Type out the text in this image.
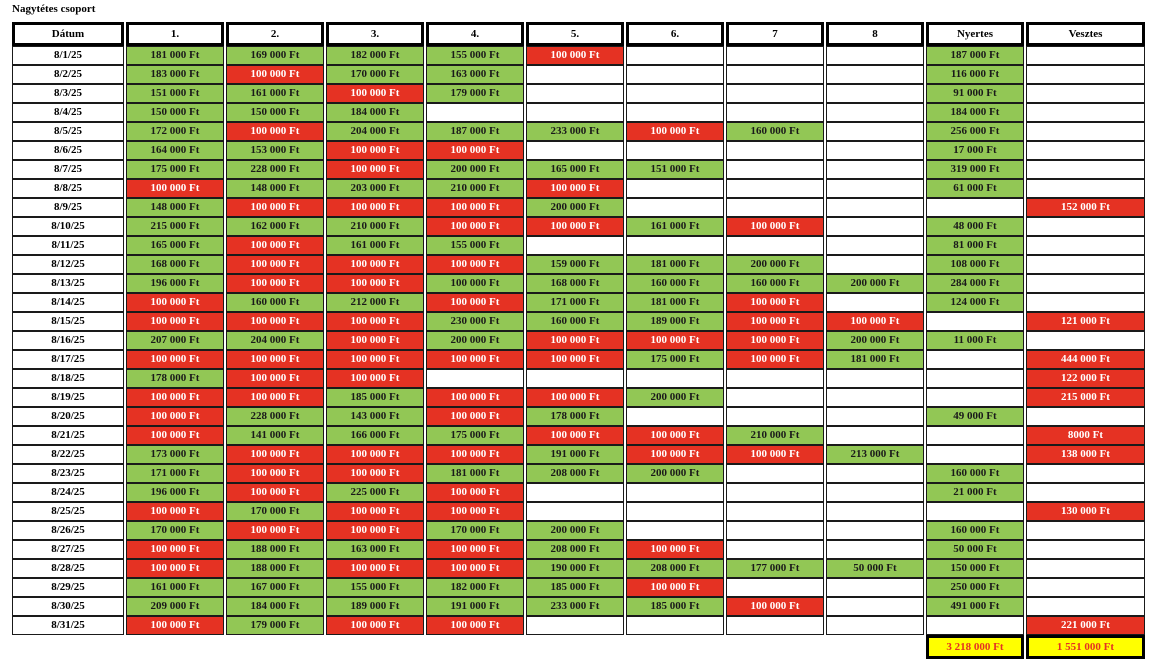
Nagytétes csoport
Dátum	1.	2.	3.	4.	5.	6.	7	8	Nyertes	Vesztes

8/1/25	181 000 Ft	169 000 Ft	182 000 Ft	155 000 Ft	100 000 Ft				187 000 Ft	

8/2/25	183 000 Ft	100 000 Ft	170 000 Ft	163 000 Ft					116 000 Ft	

8/3/25	151 000 Ft	161 000 Ft	100 000 Ft	179 000 Ft					91 000 Ft	

8/4/25	150 000 Ft	150 000 Ft	184 000 Ft						184 000 Ft	

8/5/25	172 000 Ft	100 000 Ft	204 000 Ft	187 000 Ft	233 000 Ft	100 000 Ft	160 000 Ft		256 000 Ft	

8/6/25	164 000 Ft	153 000 Ft	100 000 Ft	100 000 Ft					17 000 Ft	

8/7/25	175 000 Ft	228 000 Ft	100 000 Ft	200 000 Ft	165 000 Ft	151 000 Ft			319 000 Ft	

8/8/25	100 000 Ft	148 000 Ft	203 000 Ft	210 000 Ft	100 000 Ft				61 000 Ft	

8/9/25	148 000 Ft	100 000 Ft	100 000 Ft	100 000 Ft	200 000 Ft					152 000 Ft

8/10/25	215 000 Ft	162 000 Ft	210 000 Ft	100 000 Ft	100 000 Ft	161 000 Ft	100 000 Ft		48 000 Ft	

8/11/25	165 000 Ft	100 000 Ft	161 000 Ft	155 000 Ft					81 000 Ft	

8/12/25	168 000 Ft	100 000 Ft	100 000 Ft	100 000 Ft	159 000 Ft	181 000 Ft	200 000 Ft		108 000 Ft	

8/13/25	196 000 Ft	100 000 Ft	100 000 Ft	100 000 Ft	168 000 Ft	160 000 Ft	160 000 Ft	200 000 Ft	284 000 Ft	

8/14/25	100 000 Ft	160 000 Ft	212 000 Ft	100 000 Ft	171 000 Ft	181 000 Ft	100 000 Ft		124 000 Ft	

8/15/25	100 000 Ft	100 000 Ft	100 000 Ft	230 000 Ft	160 000 Ft	189 000 Ft	100 000 Ft	100 000 Ft		121 000 Ft

8/16/25	207 000 Ft	204 000 Ft	100 000 Ft	200 000 Ft	100 000 Ft	100 000 Ft	100 000 Ft	200 000 Ft	11 000 Ft	

8/17/25	100 000 Ft	100 000 Ft	100 000 Ft	100 000 Ft	100 000 Ft	175 000 Ft	100 000 Ft	181 000 Ft		444 000 Ft

8/18/25	178 000 Ft	100 000 Ft	100 000 Ft							122 000 Ft

8/19/25	100 000 Ft	100 000 Ft	185 000 Ft	100 000 Ft	100 000 Ft	200 000 Ft				215 000 Ft

8/20/25	100 000 Ft	228 000 Ft	143 000 Ft	100 000 Ft	178 000 Ft				49 000 Ft	

8/21/25	100 000 Ft	141 000 Ft	166 000 Ft	175 000 Ft	100 000 Ft	100 000 Ft	210 000 Ft			8000 Ft

8/22/25	173 000 Ft	100 000 Ft	100 000 Ft	100 000 Ft	191 000 Ft	100 000 Ft	100 000 Ft	213 000 Ft		138 000 Ft

8/23/25	171 000 Ft	100 000 Ft	100 000 Ft	181 000 Ft	208 000 Ft	200 000 Ft			160 000 Ft	

8/24/25	196 000 Ft	100 000 Ft	225 000 Ft	100 000 Ft					21 000 Ft	

8/25/25	100 000 Ft	170 000 Ft	100 000 Ft	100 000 Ft						130 000 Ft

8/26/25	170 000 Ft	100 000 Ft	100 000 Ft	170 000 Ft	200 000 Ft				160 000 Ft	

8/27/25	100 000 Ft	188 000 Ft	163 000 Ft	100 000 Ft	208 000 Ft	100 000 Ft			50 000 Ft	

8/28/25	100 000 Ft	188 000 Ft	100 000 Ft	100 000 Ft	190 000 Ft	208 000 Ft	177 000 Ft	50 000 Ft	150 000 Ft	

8/29/25	161 000 Ft	167 000 Ft	155 000 Ft	182 000 Ft	185 000 Ft	100 000 Ft			250 000 Ft	

8/30/25	209 000 Ft	184 000 Ft	189 000 Ft	191 000 Ft	233 000 Ft	185 000 Ft	100 000 Ft		491 000 Ft	

8/31/25	100 000 Ft	179 000 Ft	100 000 Ft	100 000 Ft						221 000 Ft

									3 218 000 Ft	1 551 000 Ft
